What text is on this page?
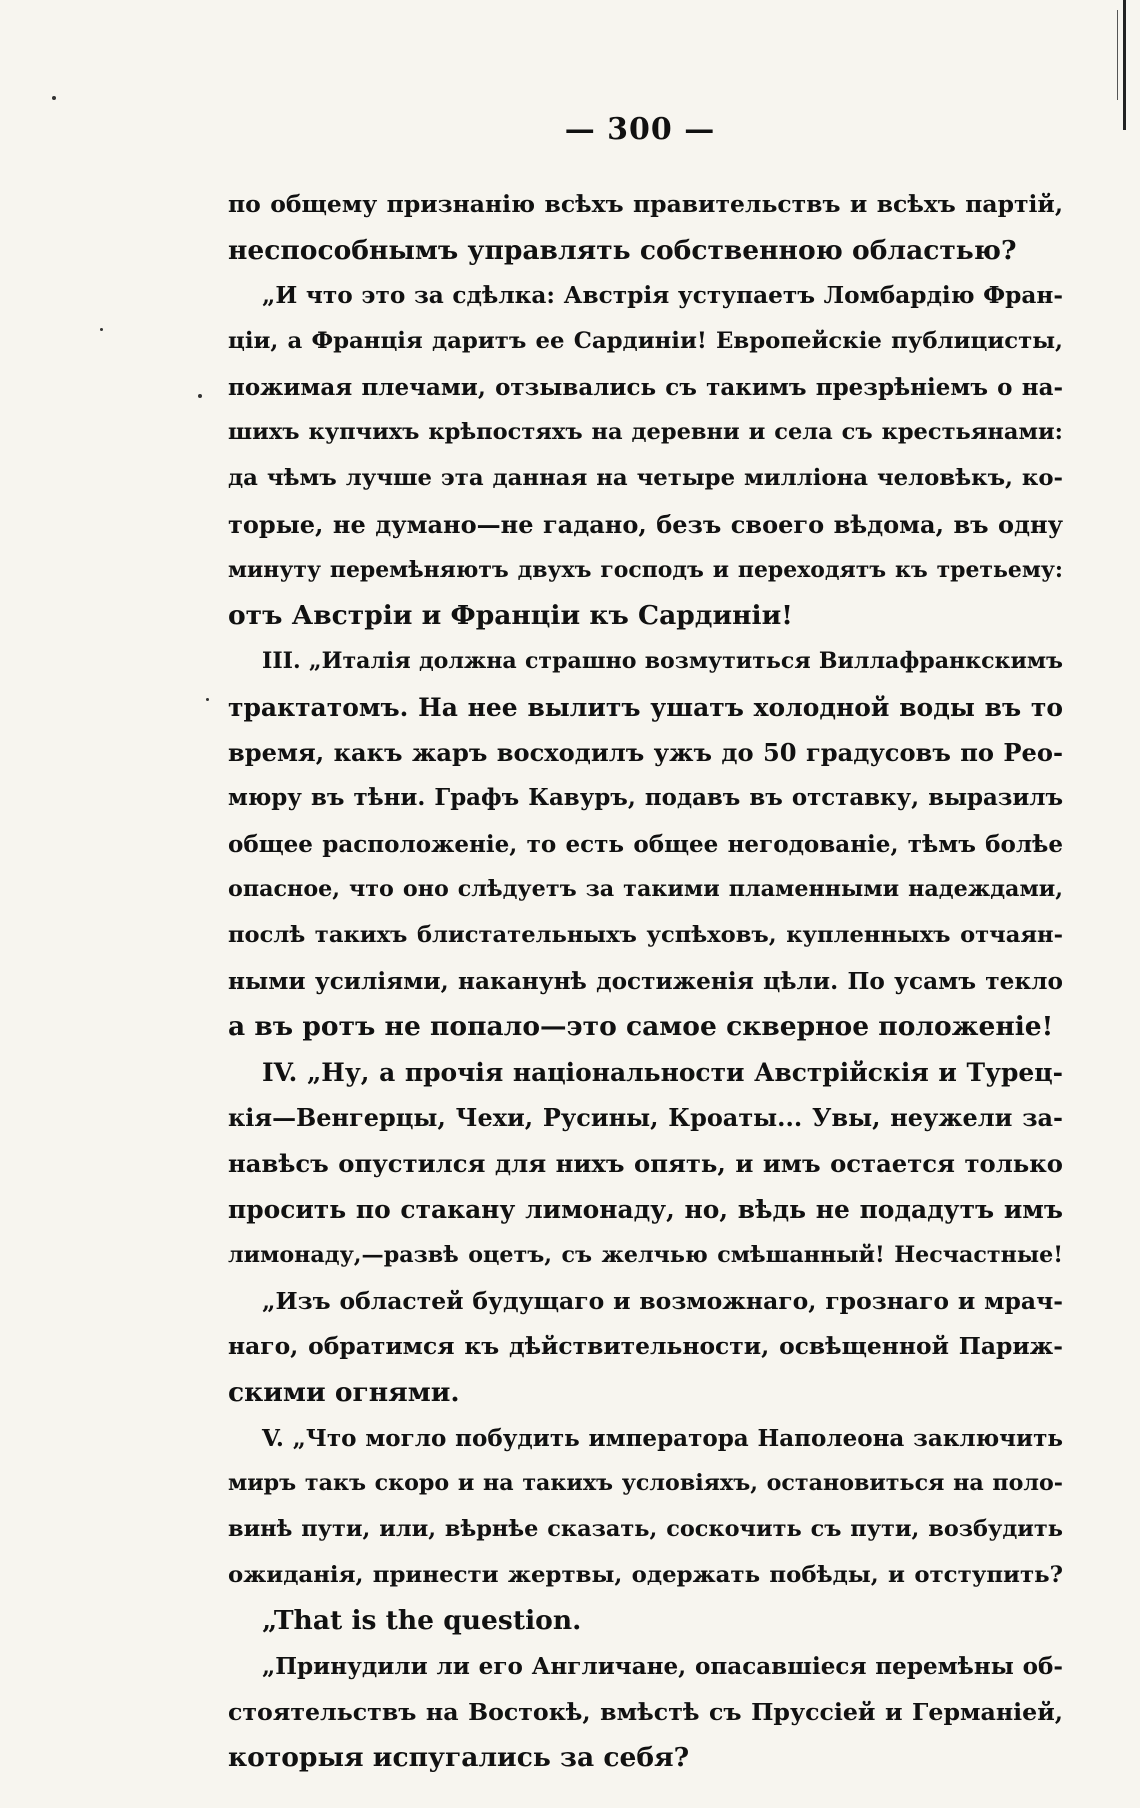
— 300 —
по общему признанію всѣхъ правительствъ и всѣхъ партій,
неспособнымъ управлять собственною областью?
„И что это за сдѣлка: Австрія уступаетъ Ломбардію Фран-
ціи, а Франція даритъ ее Сардиніи! Европейскіе публицисты,
пожимая плечами, отзывались съ такимъ презрѣніемъ о на-
шихъ купчихъ крѣпостяхъ на деревни и села съ крестьянами:
да чѣмъ лучше эта данная на четыре милліона человѣкъ, ко-
торые, не думано—не гадано, безъ своего вѣдома, въ одну
минуту перемѣняютъ двухъ господъ и переходятъ къ третьему:
отъ Австріи и Франціи къ Сардиніи!
III. „Италія должна страшно возмутиться Виллафранкскимъ
трактатомъ. На нее вылитъ ушатъ холодной воды въ то
время, какъ жаръ восходилъ ужъ до 50 градусовъ по Рео-
мюру въ тѣни. Графъ Кавуръ, подавъ въ отставку, выразилъ
общее расположеніе, то есть общее негодованіе, тѣмъ болѣе
опасное, что оно слѣдуетъ за такими пламенными надеждами,
послѣ такихъ блистательныхъ успѣховъ, купленныхъ отчаян-
ными усиліями, наканунѣ достиженія цѣли. По усамъ текло
а въ ротъ не попало—это самое скверное положеніе!
IV. „Ну, а прочія національности Австрійскія и Турец-
кія—Венгерцы, Чехи, Русины, Кроаты... Увы, неужели за-
навѣсъ опустился для нихъ опять, и имъ остается только
просить по стакану лимонаду, но, вѣдь не подадутъ имъ
лимонаду,—развѣ оцетъ, съ желчью смѣшанный! Несчастные!
„Изъ областей будущаго и возможнаго, грознаго и мрач-
наго, обратимся къ дѣйствительности, освѣщенной Париж-
скими огнями.
V. „Что могло побудить императора Наполеона заключить
миръ такъ скоро и на такихъ условіяхъ, остановиться на поло-
винѣ пути, или, вѣрнѣе сказать, соскочить съ пути, возбудить
ожиданія, принести жертвы, одержать побѣды, и отступить?
„That is the question.
„Принудили ли его Англичане, опасавшіеся перемѣны об-
стоятельствъ на Востокѣ, вмѣстѣ съ Пруссіей и Германіей,
которыя испугались за себя?
